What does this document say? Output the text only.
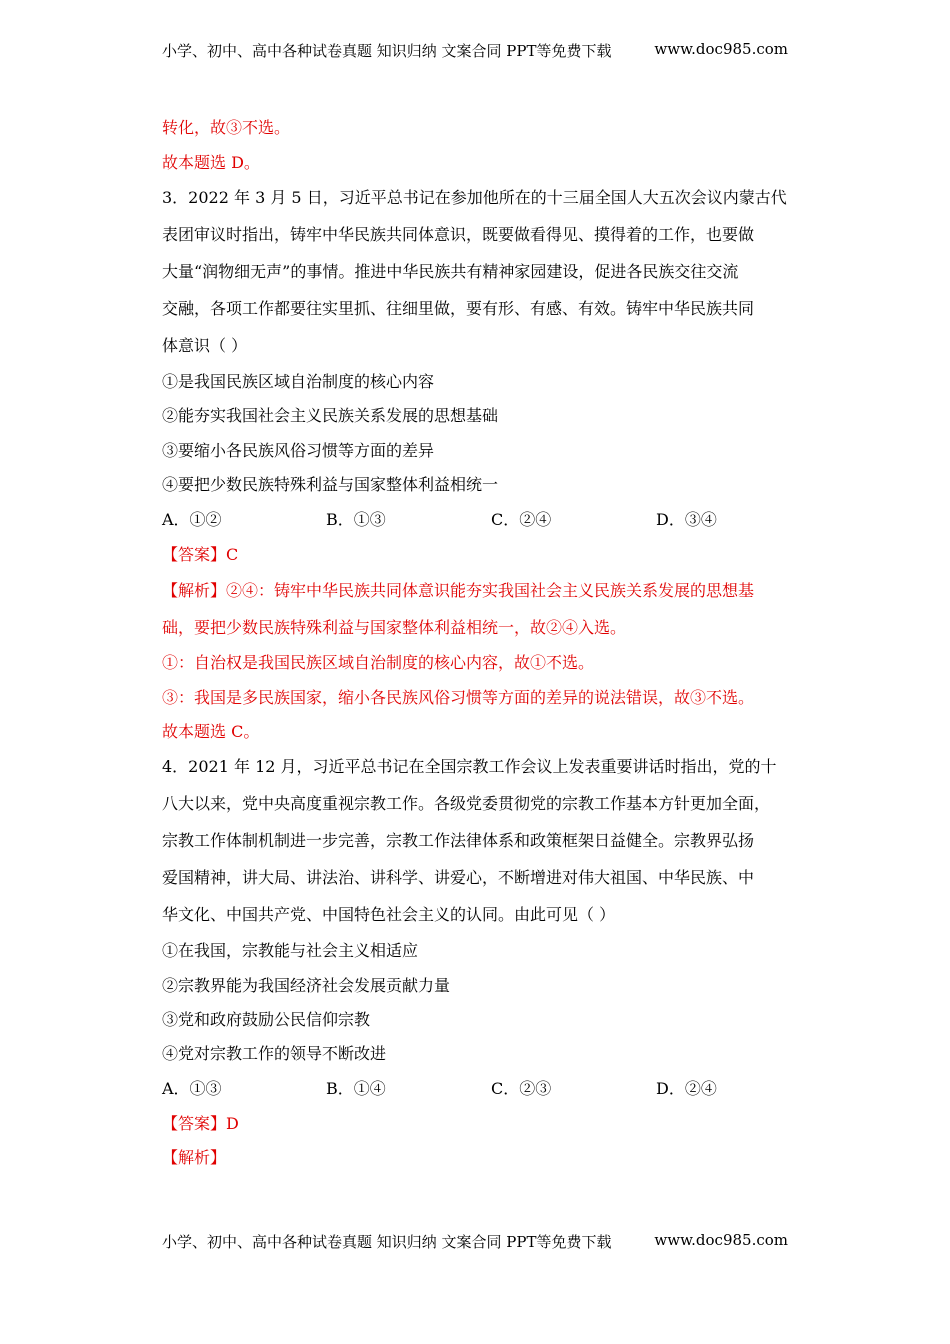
小学、初中、高中各种试卷真题 知识归纳 文案合同 PPT等免费下载	www.doc985.com
转化，故③不选。
故本题选 D。
3．2022 年 3 月 5 日，习近平总书记在参加他所在的十三届全国人大五次会议内蒙古代
表团审议时指出，铸牢中华民族共同体意识，既要做看得见、摸得着的工作，也要做
大量“润物细无声”的事情。推进中华民族共有精神家园建设，促进各民族交往交流
交融，各项工作都要往实里抓、往细里做，要有形、有感、有效。铸牢中华民族共同
体意识（ ）
①是我国民族区域自治制度的核心内容
②能夯实我国社会主义民族关系发展的思想基础
③要缩小各民族风俗习惯等方面的差异
④要把少数民族特殊利益与国家整体利益相统一
A．①②	B．①③	C．②④	D．③④
【答案】C
【解析】②④：铸牢中华民族共同体意识能夯实我国社会主义民族关系发展的思想基
础，要把少数民族特殊利益与国家整体利益相统一，故②④入选。
①：自治权是我国民族区域自治制度的核心内容，故①不选。
③：我国是多民族国家，缩小各民族风俗习惯等方面的差异的说法错误，故③不选。
故本题选 C。
4．2021 年 12 月，习近平总书记在全国宗教工作会议上发表重要讲话时指出，党的十
八大以来，党中央高度重视宗教工作。各级党委贯彻党的宗教工作基本方针更加全面，
宗教工作体制机制进一步完善，宗教工作法律体系和政策框架日益健全。宗教界弘扬
爱国精神，讲大局、讲法治、讲科学、讲爱心，不断增进对伟大祖国、中华民族、中
华文化、中国共产党、中国特色社会主义的认同。由此可见（ ）
①在我国，宗教能与社会主义相适应
②宗教界能为我国经济社会发展贡献力量
③党和政府鼓励公民信仰宗教
④党对宗教工作的领导不断改进
A．①③	B．①④	C．②③	D．②④
【答案】D
【解析】
小学、初中、高中各种试卷真题 知识归纳 文案合同 PPT等免费下载	www.doc985.com
